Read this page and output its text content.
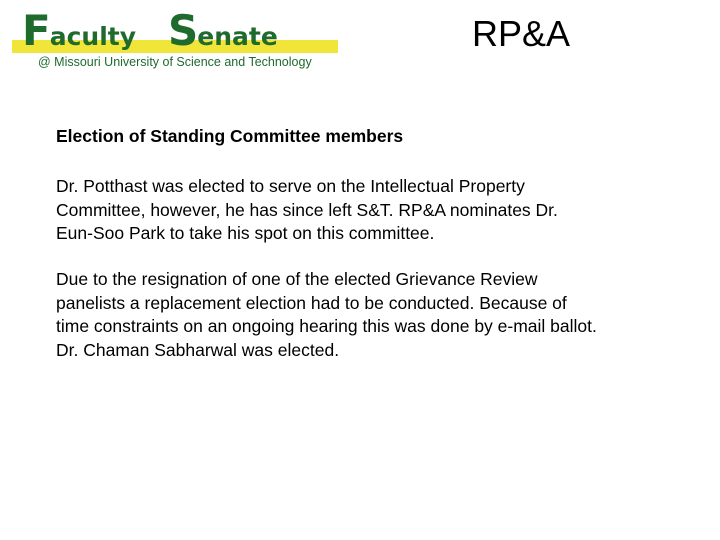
Faculty Senate
@ Missouri University of Science and Technology
RP&A
Election of Standing Committee members

Dr. Potthast was elected to serve on the Intellectual Property

Committee, however, he has since left S&T. RP&A nominates Dr.

Eun-Soo Park to take his spot on this committee.

Due to the resignation of one of the elected Grievance Review

panelists a replacement election had to be conducted. Because of

time constraints on an ongoing hearing this was done by e-mail ballot.

Dr. Chaman Sabharwal was elected.
